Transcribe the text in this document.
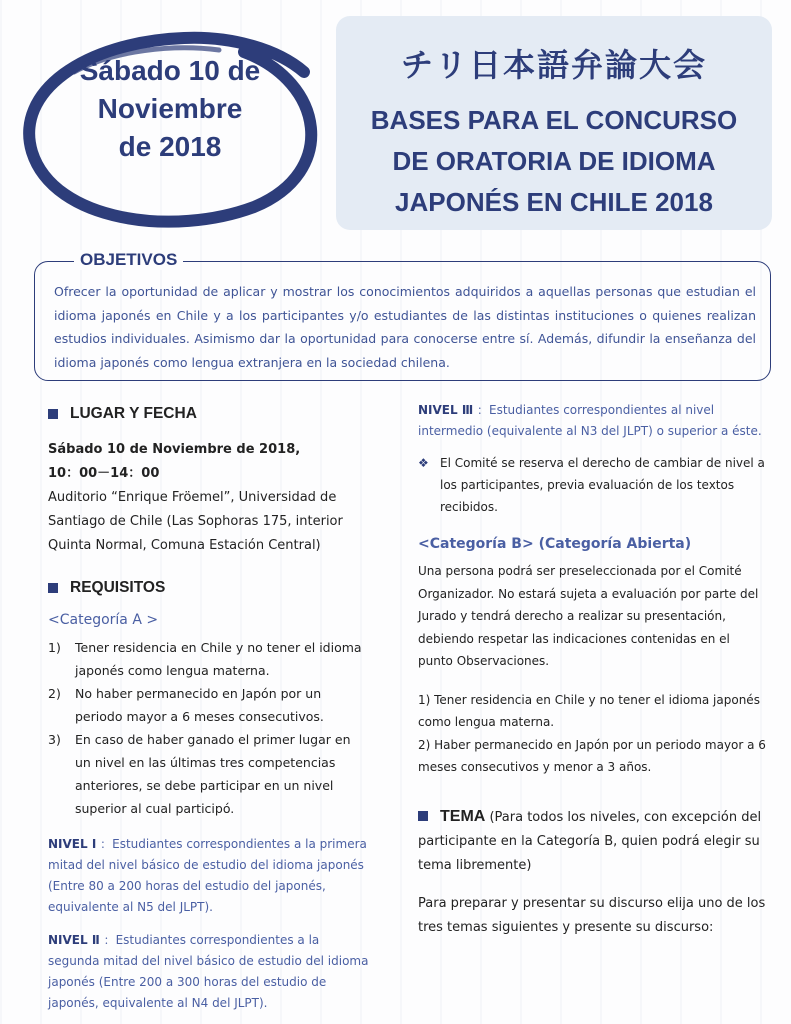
Sábado 10 de
Noviembre
de 2018
チリ日本語弁論大会
BASES PARA EL CONCURSO
DE ORATORIA DE IDIOMA
JAPONÉS EN CHILE 2018
OBJETIVOS
Ofrecer la oportunidad de aplicar y mostrar los conocimientos adquiridos a aquellas personas que estudian el idioma japonés en Chile y a los participantes y/o estudiantes de las distintas instituciones o quienes realizan estudios individuales. Asimismo dar la oportunidad para conocerse entre sí. Además, difundir la enseñanza del idioma japonés como lengua extranjera en la sociedad chilena.
LUGAR Y FECHA
Sábado 10 de Noviembre de 2018,
10：00－14：00
Auditorio “Enrique Fröemel”, Universidad de Santiago de Chile (Las Sophoras 175, interior Quinta Normal, Comuna Estación Central)
REQUISITOS
<Categoría A >
1)	Tener residencia en Chile y no tener el idioma japonés como lengua materna.
2)	No haber permanecido en Japón por un periodo mayor a 6 meses consecutivos.
3)	En caso de haber ganado el primer lugar en un nivel en las últimas tres competencias anteriores, se debe participar en un nivel superior al cual participó.
NIVEL Ⅰ ：Estudiantes correspondientes a la primera mitad del nivel básico de estudio del idioma japonés (Entre 80 a 200 horas del estudio del japonés, equivalente al N5 del JLPT).
NIVEL Ⅱ ：Estudiantes correspondientes a la segunda mitad del nivel básico de estudio del idioma japonés (Entre 200 a 300 horas del estudio de japonés, equivalente al N4 del JLPT).
NIVEL Ⅲ ：Estudiantes correspondientes al nivel intermedio (equivalente al N3 del JLPT) o superior a éste.
❖ El Comité se reserva el derecho de cambiar de nivel a los participantes, previa evaluación de los textos recibidos.
<Categoría B> (Categoría Abierta)
Una persona podrá ser preseleccionada por el Comité Organizador. No estará sujeta a evaluación por parte del Jurado y tendrá derecho a realizar su presentación, debiendo respetar las indicaciones contenidas en el punto Observaciones.
1) Tener residencia en Chile y no tener el idioma japonés como lengua materna.
2) Haber permanecido en Japón por un periodo mayor a 6 meses consecutivos y menor a 3 años.
TEMA (Para todos los niveles, con excepción del participante en la Categoría B, quien podrá elegir su tema libremente)
Para preparar y presentar su discurso elija uno de los tres temas siguientes y presente su discurso:
